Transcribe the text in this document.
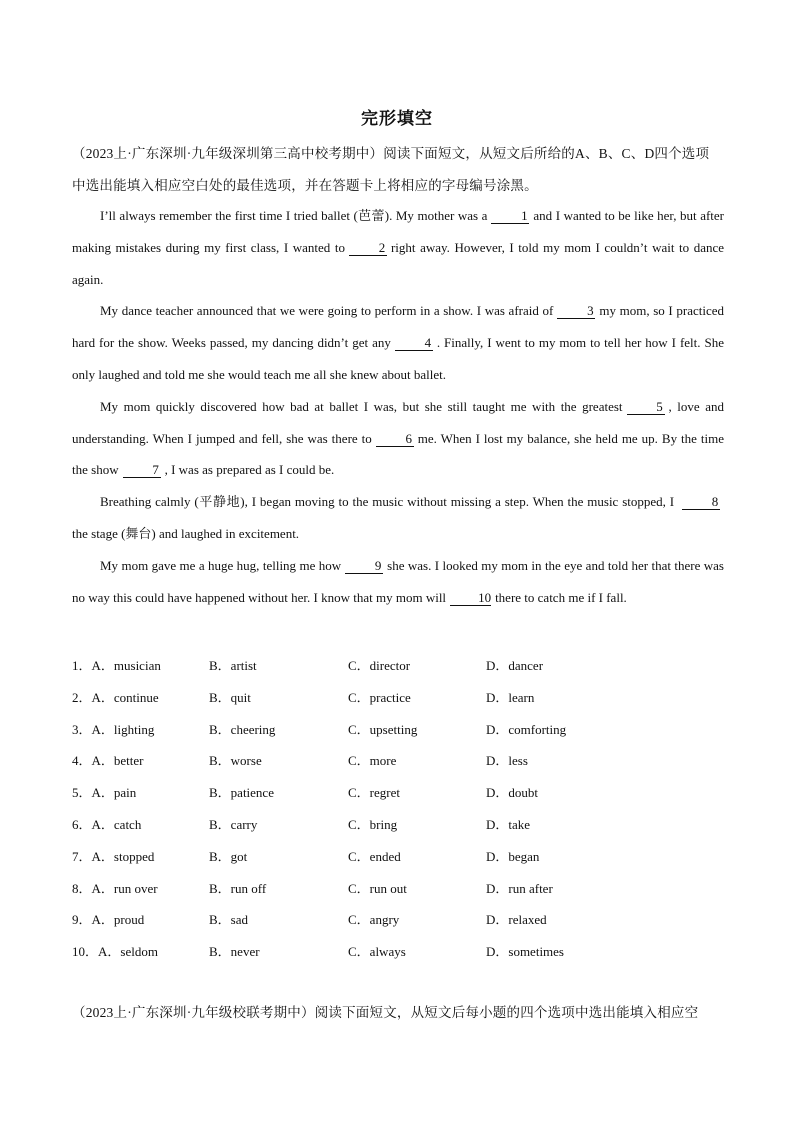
完形填空
（2023上·广东深圳·九年级深圳第三高中校考期中）阅读下面短文，从短文后所给的A、B、C、D四个选项中选出能填入相应空白处的最佳选项，并在答题卡上将相应的字母编号涂黑。

I’ll always remember the first time I tried ballet (芭蕾). My mother was a	1 and I wanted to be like her, but after making mistakes during my first class, I wanted to	2 right away. However, I told my mom I couldn’t wait to dance again.

My dance teacher announced that we were going to perform in a show. I was afraid of	3 my mom, so I practiced hard for the show. Weeks passed, my dancing didn’t get any	4 . Finally, I went to my mom to tell her how I felt. She only laughed and told me she would teach me all she knew about ballet.

My mom quickly discovered how bad at ballet I was, but she still taught me with the greatest	5 , love and understanding. When I jumped and fell, she was there to	6 me. When I lost my balance, she held me up. By the time the show	7 , I was as prepared as I could be.

Breathing calmly (平静地), I began moving to the music without missing a step. When the music stopped, I	8the stage (舞台) and laughed in excitement.

My mom gave me a huge hug, telling me how	9 she was. I looked my mom in the eye and told her that there was no way this could have happened without her. I know that my mom will 10 there to catch me if I fall.

1．A．musician	B．artist	C．director	D．dancer
2．A．continue	B．quit	C．practice	D．learn
3．A．lighting	B．cheering	C．upsetting	D．comforting
4．A．better	B．worse	C．more	D．less
5．A．pain	B．patience	C．regret	D．doubt
6．A．catch	B．carry	C．bring	D．take
7．A．stopped	B．got	C．ended	D．began
8．A．run over	B．run off	C．run out	D．run after
9．A．proud	B．sad	C．angry	D．relaxed
10．A．seldom	B．never	C．always	D．sometimes
（2023上·广东深圳·九年级校联考期中）阅读下面短文，从短文后每小题的四个选项中选出能填入相应空
